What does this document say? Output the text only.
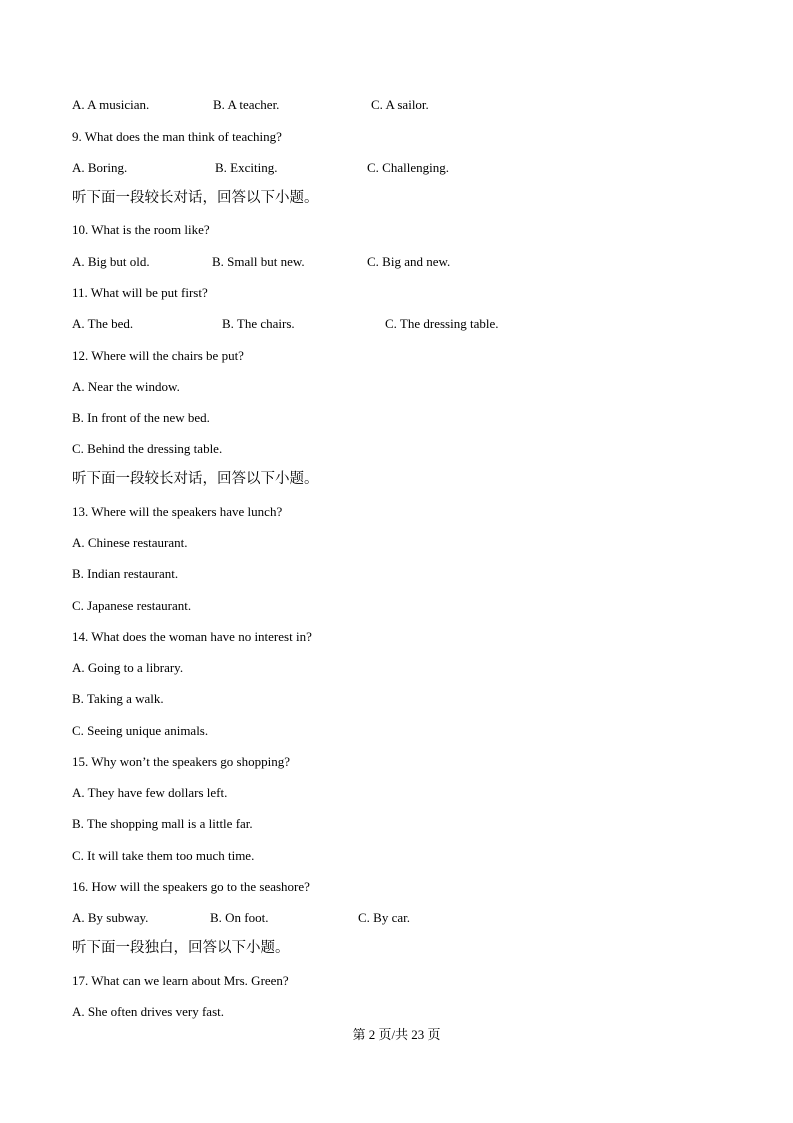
A. A musician.	B. A teacher.	C. A sailor.
9. What does the man think of teaching?
A. Boring.	B. Exciting.	C. Challenging.
听下面一段较长对话，回答以下小题。
10. What is the room like?
A. Big but old.	B. Small but new.	C. Big and new.
11. What will be put first?
A. The bed.	B. The chairs.	C. The dressing table.
12. Where will the chairs be put?
A. Near the window.
B. In front of the new bed.
C. Behind the dressing table.
听下面一段较长对话，回答以下小题。
13. Where will the speakers have lunch?
A. Chinese restaurant.
B. Indian restaurant.
C. Japanese restaurant.
14. What does the woman have no interest in?
A. Going to a library.
B. Taking a walk.
C. Seeing unique animals.
15. Why won’t the speakers go shopping?
A. They have few dollars left.
B. The shopping mall is a little far.
C. It will take them too much time.
16. How will the speakers go to the seashore?
A. By subway.	B. On foot.	C. By car.
听下面一段独白，回答以下小题。
17. What can we learn about Mrs. Green?
A. She often drives very fast.
第 2 页/共 23 页
